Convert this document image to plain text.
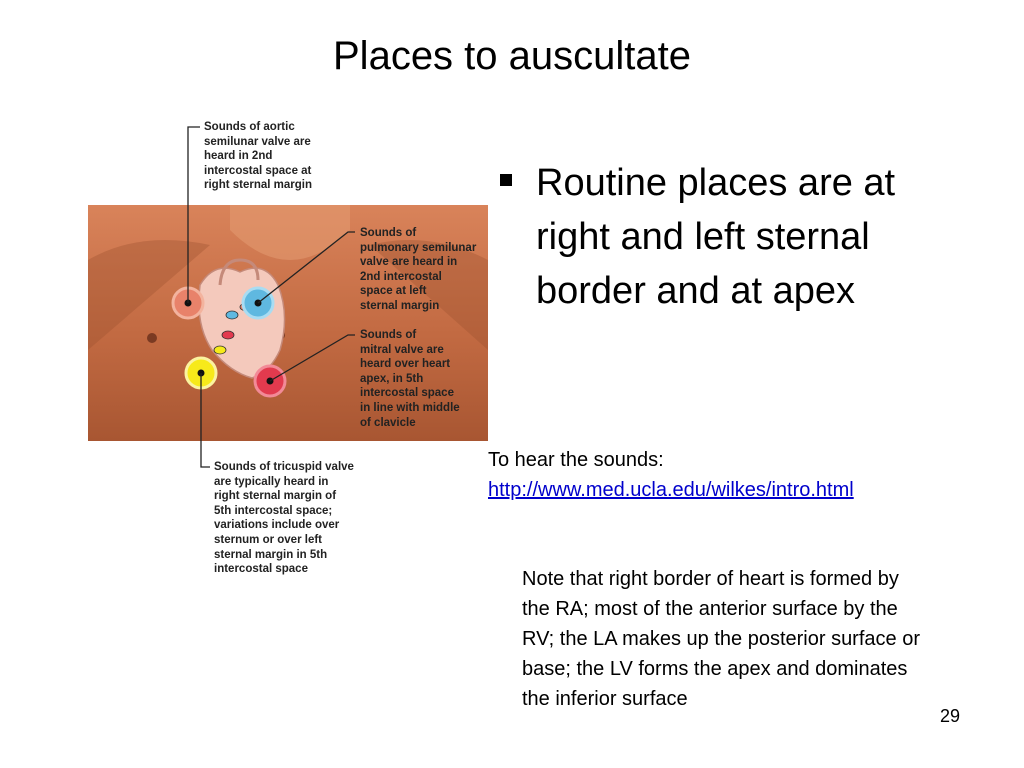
Places to auscultate
Sounds of aortic
semilunar valve are
heard in 2nd
intercostal space at
right sternal margin
Sounds of
pulmonary semilunar
valve are heard in
2nd intercostal
space at left
sternal margin
Sounds of
mitral valve are
heard over heart
apex, in 5th
intercostal space
in line with middle
of clavicle
Sounds of tricuspid valve
are typically heard in
right sternal margin of
5th intercostal space;
variations include over
sternum or over left
sternal margin in 5th
intercostal space
Routine places are at right and left sternal border and at apex
To hear the sounds:
http://www.med.ucla.edu/wilkes/intro.html
Note that right border of heart is formed by the RA; most of the anterior surface by the RV; the LA makes up the posterior surface or base; the LV forms the apex and dominates the inferior surface
29
